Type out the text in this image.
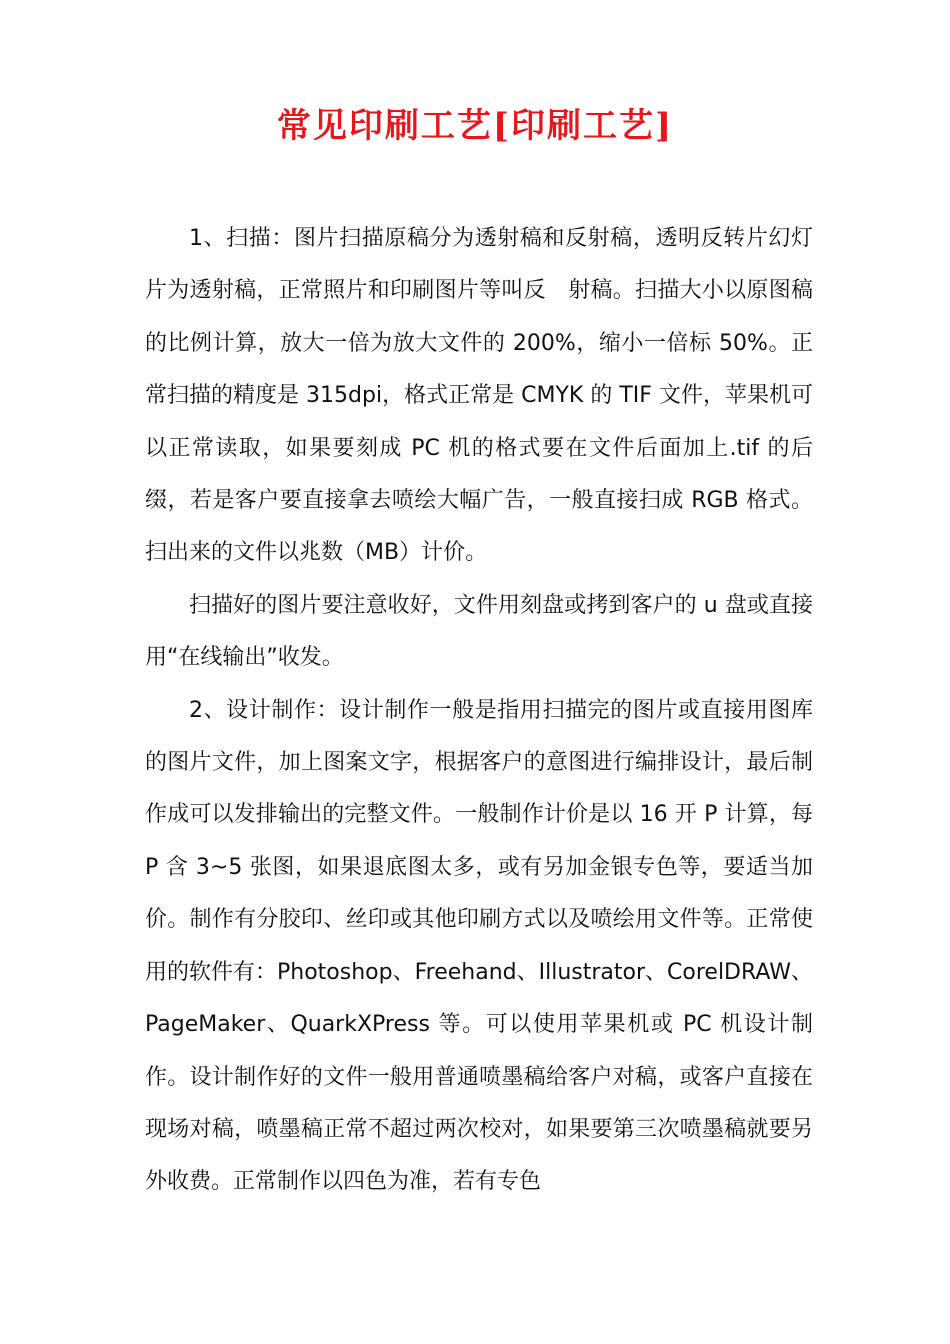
常见印刷工艺[印刷工艺]

1、扫描：图片扫描原稿分为透射稿和反射稿，透明反转片幻灯片为透射稿，正常照片和印刷图片等叫反　射稿。扫描大小以原图稿的比例计算，放大一倍为放大文件的 200%，缩小一倍标 50%。正常扫描的精度是 315dpi，格式正常是 CMYK 的 TIF 文件，苹果机可以正常读取，如果要刻成 PC 机的格式要在文件后面加上.tif 的后缀，若是客户要直接拿去喷绘大幅广告，一般直接扫成 RGB 格式。扫出来的文件以兆数（MB）计价。

扫描好的图片要注意收好，文件用刻盘或拷到客户的 u 盘或直接用“在线输出”收发。

2、设计制作：设计制作一般是指用扫描完的图片或直接用图库的图片文件，加上图案文字，根据客户的意图进行编排设计，最后制作成可以发排输出的完整文件。一般制作计价是以 16 开 P 计算，每 P 含 3~5 张图，如果退底图太多，或有另加金银专色等，要适当加价。制作有分胶印、丝印或其他印刷方式以及喷绘用文件等。正常使用的软件有：Photoshop、Freehand、Illustrator、CorelDRAW、PageMaker、QuarkXPress 等。可以使用苹果机或 PC 机设计制作。设计制作好的文件一般用普通喷墨稿给客户对稿，或客户直接在现场对稿，喷墨稿正常不超过两次校对，如果要第三次喷墨稿就要另外收费。正常制作以四色为准，若有专色
